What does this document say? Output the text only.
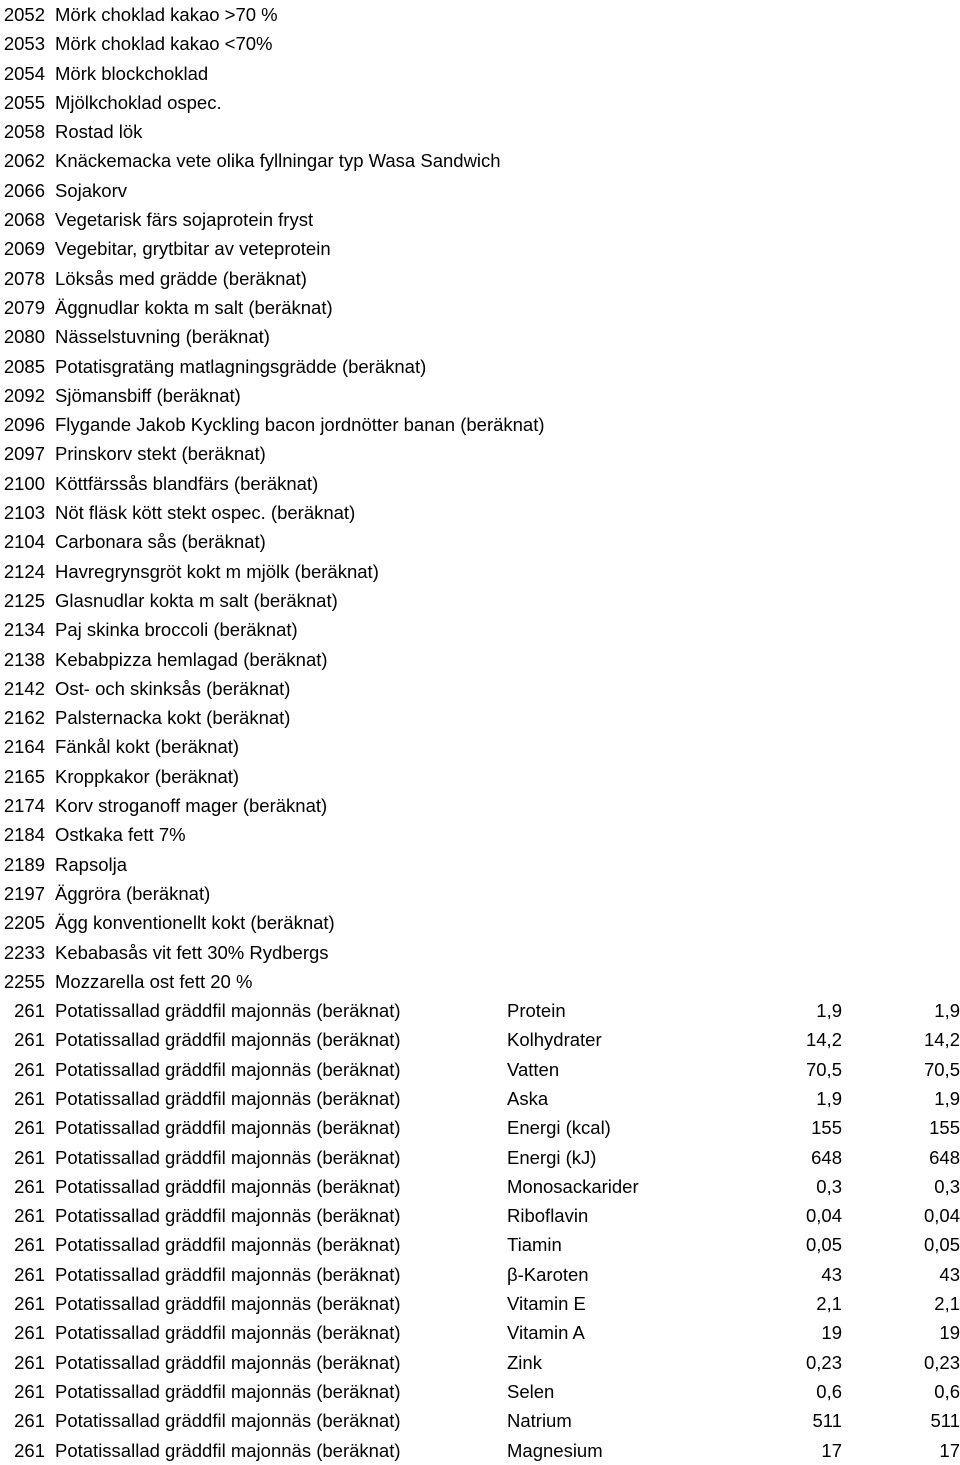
2052 Mörk choklad kakao >70 %
2053 Mörk choklad kakao <70%
2054 Mörk blockchoklad
2055 Mjölkchoklad ospec.
2058 Rostad lök
2062 Knäckemacka vete olika fyllningar typ Wasa Sandwich
2066 Sojakorv
2068 Vegetarisk färs sojaprotein fryst
2069 Vegebitar, grytbitar av veteprotein
2078 Löksås med grädde (beräknat)
2079 Äggnudlar kokta m salt (beräknat)
2080 Nässelstuvning (beräknat)
2085 Potatisgratäng matlagningsgrädde (beräknat)
2092 Sjömansbiff (beräknat)
2096 Flygande Jakob Kyckling bacon jordnötter banan (beräknat)
2097 Prinskorv stekt (beräknat)
2100 Köttfärssås blandfärs (beräknat)
2103 Nöt fläsk kött stekt ospec. (beräknat)
2104 Carbonara sås (beräknat)
2124 Havregrynsgröt kokt m mjölk (beräknat)
2125 Glasnudlar kokta m salt (beräknat)
2134 Paj skinka broccoli (beräknat)
2138 Kebabpizza hemlagad (beräknat)
2142 Ost- och skinksås (beräknat)
2162 Palsternacka kokt (beräknat)
2164 Fänkål kokt (beräknat)
2165 Kroppkakor (beräknat)
2174 Korv stroganoff mager (beräknat)
2184 Ostkaka fett 7%
2189 Rapsolja
2197 Äggröra (beräknat)
2205 Ägg konventionellt kokt (beräknat)
2233 Kebabasås vit fett 30% Rydbergs
2255 Mozzarella ost fett 20 %
261 Potatissallad gräddfil majonnäs (beräknat)	Protein	1,9	1,9
261 Potatissallad gräddfil majonnäs (beräknat)	Kolhydrater	14,2	14,2
261 Potatissallad gräddfil majonnäs (beräknat)	Vatten	70,5	70,5
261 Potatissallad gräddfil majonnäs (beräknat)	Aska	1,9	1,9
261 Potatissallad gräddfil majonnäs (beräknat)	Energi (kcal)	155	155
261 Potatissallad gräddfil majonnäs (beräknat)	Energi (kJ)	648	648
261 Potatissallad gräddfil majonnäs (beräknat)	Monosackarider	0,3	0,3
261 Potatissallad gräddfil majonnäs (beräknat)	Riboflavin	0,04	0,04
261 Potatissallad gräddfil majonnäs (beräknat)	Tiamin	0,05	0,05
261 Potatissallad gräddfil majonnäs (beräknat)	β-Karoten	43	43
261 Potatissallad gräddfil majonnäs (beräknat)	Vitamin E	2,1	2,1
261 Potatissallad gräddfil majonnäs (beräknat)	Vitamin A	19	19
261 Potatissallad gräddfil majonnäs (beräknat)	Zink	0,23	0,23
261 Potatissallad gräddfil majonnäs (beräknat)	Selen	0,6	0,6
261 Potatissallad gräddfil majonnäs (beräknat)	Natrium	511	511
261 Potatissallad gräddfil majonnäs (beräknat)	Magnesium	17	17
